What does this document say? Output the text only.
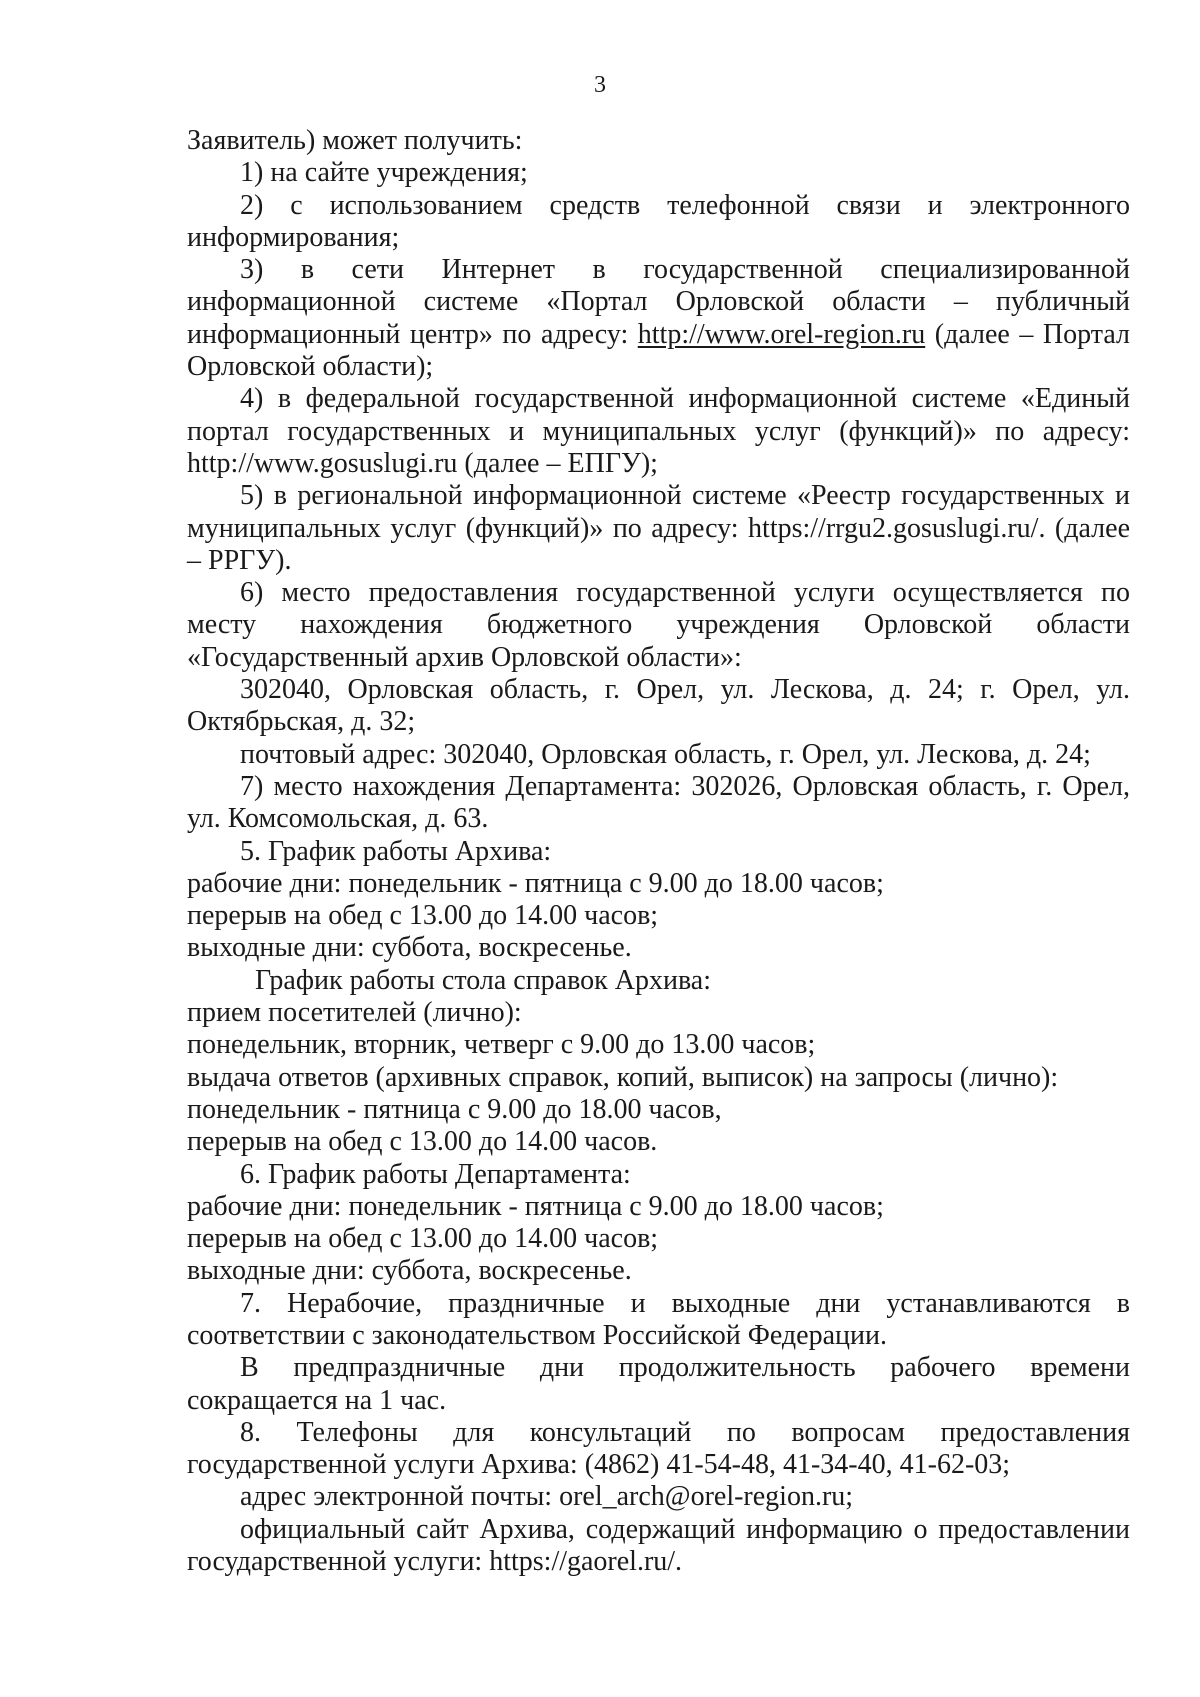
3

Заявитель) может получить:

1) на сайте учреждения;

2) с использованием средств телефонной связи и электронного информирования;

3) в сети Интернет в государственной специализированной информационной системе «Портал Орловской области – публичный информационный центр» по адресу: http://www.orel-region.ru (далее – Портал Орловской области);

4) в федеральной государственной информационной системе «Единый портал государственных и муниципальных услуг (функций)» по адресу: http://www.gosuslugi.ru (далее – ЕПГУ);

5) в региональной информационной системе «Реестр государственных и муниципальных услуг (функций)» по адресу: https://rrgu2.gosuslugi.ru/. (далее – РРГУ).

6) место предоставления государственной услуги осуществляется по месту нахождения бюджетного учреждения Орловской области «Государственный архив Орловской области»:

302040, Орловская область, г. Орел, ул. Лескова, д. 24; г. Орел, ул. Октябрьская, д. 32;

почтовый адрес: 302040, Орловская область, г. Орел, ул. Лескова, д. 24;

7) место нахождения Департамента: 302026, Орловская область, г. Орел, ул. Комсомольская, д. 63.

5. График работы Архива:

рабочие дни: понедельник - пятница с 9.00 до 18.00 часов;

перерыв на обед с 13.00 до 14.00 часов;

выходные дни: суббота, воскресенье.

График работы стола справок Архива:

прием посетителей (лично):

понедельник, вторник, четверг с 9.00 до 13.00 часов;

выдача ответов (архивных справок, копий, выписок) на запросы (лично):

понедельник - пятница с 9.00 до 18.00 часов,

перерыв на обед с 13.00 до 14.00 часов.

6. График работы Департамента:

рабочие дни: понедельник - пятница с 9.00 до 18.00 часов;

перерыв на обед с 13.00 до 14.00 часов;

выходные дни: суббота, воскресенье.

7. Нерабочие, праздничные и выходные дни устанавливаются в соответствии с законодательством Российской Федерации.

В предпраздничные дни продолжительность рабочего времени сокращается на 1 час.

8. Телефоны для консультаций по вопросам предоставления государственной услуги Архива: (4862) 41-54-48, 41-34-40, 41-62-03;

адрес электронной почты: orel_arch@orel-region.ru;

официальный сайт Архива, содержащий информацию о предоставлении государственной услуги: https://gaorel.ru/.
